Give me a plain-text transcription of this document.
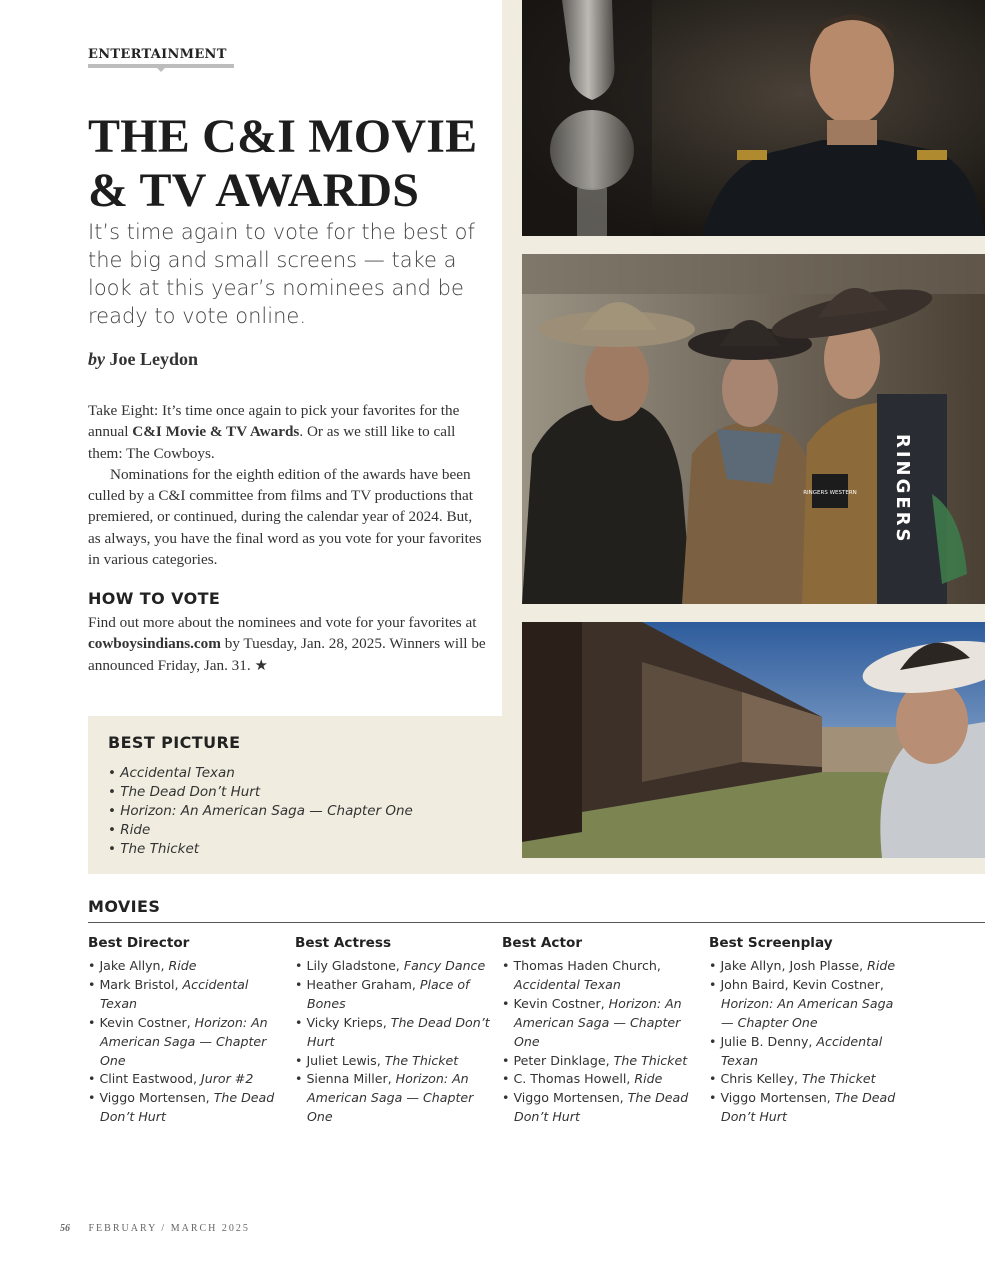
RINGERS WESTERN RINGERS
ENTERTAINMENT
THE C&I MOVIE
& TV AWARDS

It’s time again to vote for the best of the big and small screens — take a look at this year’s nominees and be ready to vote online.

by Joe Leydon

Take Eight: It’s time once again to pick your favorites for the annual C&I Movie & TV Awards. Or as we still like to call them: The Cowboys.

Nominations for the eighth edition of the awards have been culled by a C&I committee from films and TV productions that premiered, or continued, during the calendar year of 2024. But, as always, you have the final word as you vote for your favorites in various categories.

HOW TO VOTE

Find out more about the nominees and vote for your favorites at cowboysindians.com by Tuesday, Jan. 28, 2025. Winners will be announced Friday, Jan. 31. ★

BEST PICTURE
• Accidental Texan
• The Dead Don’t Hurt
• Horizon: An American Saga — Chapter One
• Ride
• The Thicket
MOVIES
Best Director
• Jake Allyn, Ride
• Mark Bristol, Accidental Texan
• Kevin Costner, Horizon: An American Saga — Chapter One
• Clint Eastwood, Juror #2
• Viggo Mortensen, The Dead Don’t Hurt
Best Actress
• Lily Gladstone, Fancy Dance
• Heather Graham, Place of Bones
• Vicky Krieps, The Dead Don’t Hurt
• Juliet Lewis, The Thicket
• Sienna Miller, Horizon: An American Saga — Chapter One
Best Actor
• Thomas Haden Church, Accidental Texan
• Kevin Costner, Horizon: An American Saga — Chapter One
• Peter Dinklage, The Thicket
• C. Thomas Howell, Ride
• Viggo Mortensen, The Dead Don’t Hurt
Best Screenplay
• Jake Allyn, Josh Plasse, Ride
• John Baird, Kevin Costner, Horizon: An American Saga — Chapter One
• Julie B. Denny, Accidental Texan
• Chris Kelley, The Thicket
• Viggo Mortensen, The Dead Don’t Hurt
56 FEBRUARY / MARCH 2025
